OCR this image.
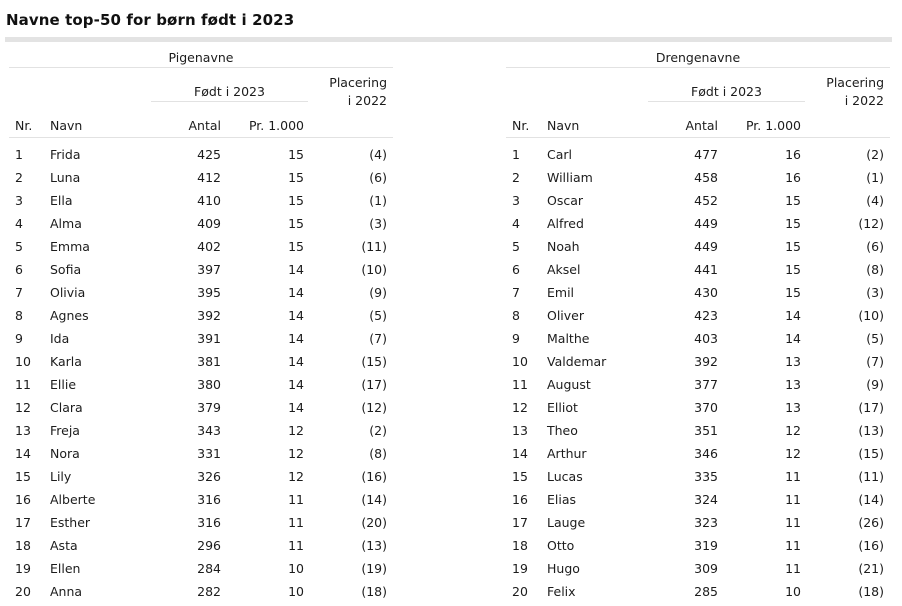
Navne top-50 for børn født i 2023
Pigenavne
Født i 2023
Placering
i 2022
Nr. Navn	Antal Pr. 1.000
1 Frida	425	15	(4)
2 Luna	412	15	(6)
3 Ella	410	15	(1)
4 Alma	409	15	(3)
5 Emma	402	15	(11)
6 Sofia	397	14	(10)
7 Olivia	395	14	(9)
8 Agnes	392	14	(5)
9 Ida	391	14	(7)
10 Karla	381	14	(15)
11 Ellie	380	14	(17)
12 Clara	379	14	(12)
13 Freja	343	12	(2)
14 Nora	331	12	(8)
15 Lily	326	12	(16)
16 Alberte	316	11	(14)
17 Esther	316	11	(20)
18 Asta	296	11	(13)
19 Ellen	284	10	(19)
20 Anna	282	10	(18)
Drengenavne
Født i 2023
Placering
i 2022
Nr. Navn	Antal Pr. 1.000
1 Carl	477	16	(2)
2 William	458	16	(1)
3 Oscar	452	15	(4)
4 Alfred	449	15	(12)
5 Noah	449	15	(6)
6 Aksel	441	15	(8)
7 Emil	430	15	(3)
8 Oliver	423	14	(10)
9 Malthe	403	14	(5)
10 Valdemar	392	13	(7)
11 August	377	13	(9)
12 Elliot	370	13	(17)
13 Theo	351	12	(13)
14 Arthur	346	12	(15)
15 Lucas	335	11	(11)
16 Elias	324	11	(14)
17 Lauge	323	11	(26)
18 Otto	319	11	(16)
19 Hugo	309	11	(21)
20 Felix	285	10	(18)
